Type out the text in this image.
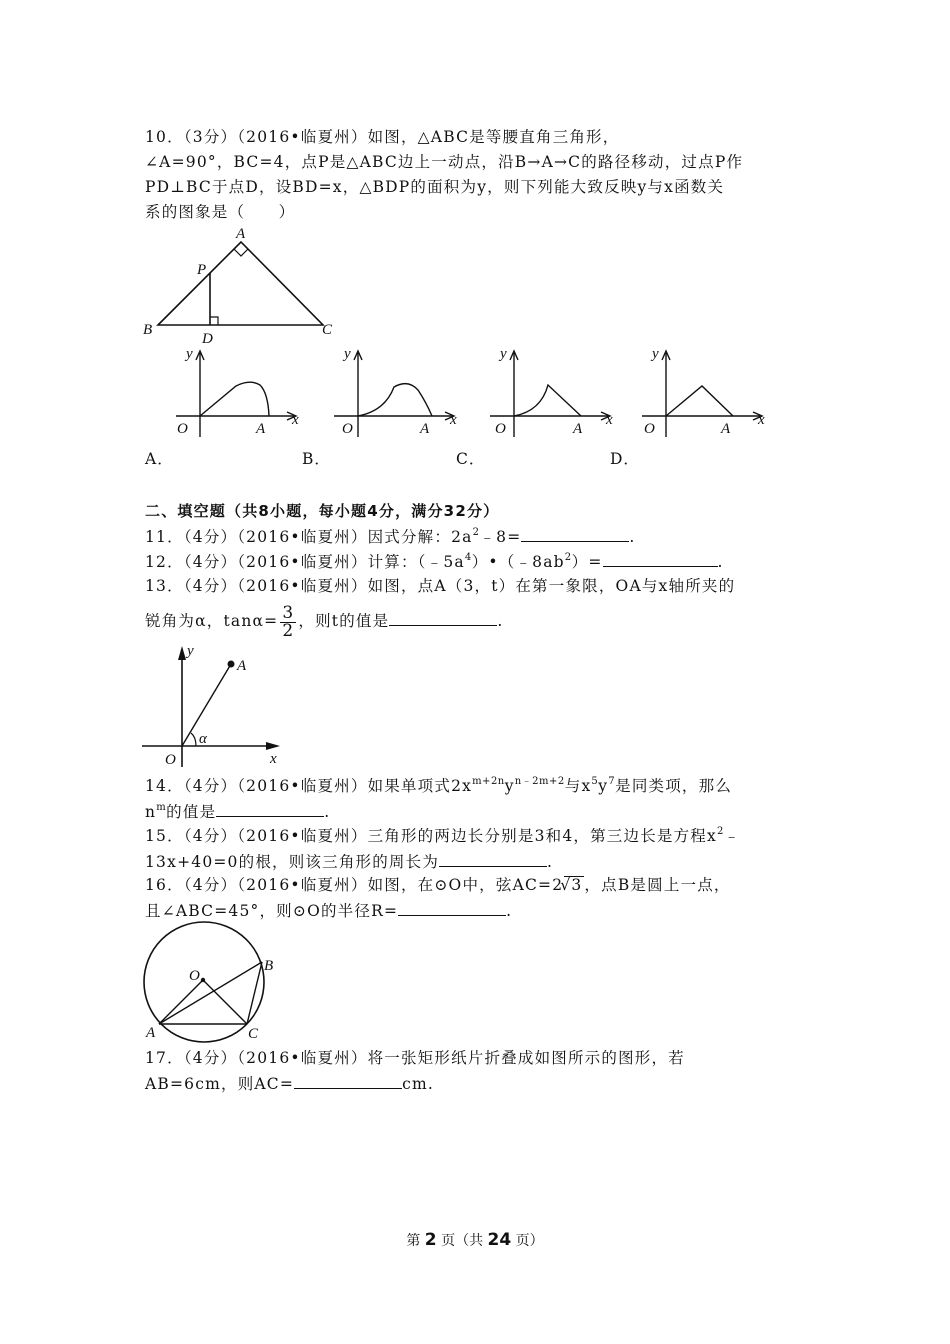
10．（3分）（2016•临夏州）如图，△ABC是等腰直角三角形，
∠A=90°，BC=4，点P是△ABC边上一动点，沿B→A→C的路径移动，过点P作
PD⊥BC于点D，设BD=x，△BDP的面积为y，则下列能大致反映y与x函数关
系的图象是（　　）
A
P
B
D
C
y
x
O	A
y
x
O	A
y
x
O	A
y
x
O	A
A．	B．	C．	D．
二、填空题（共8小题，每小题4分，满分32分）
11．（4分）（2016•临夏州）因式分解：$2a^2﹣8=$	.
12．（4分）（2016•临夏州）计算：$(﹣5a^4)•(﹣8ab^2)=$	.
13．（4分）（2016•临夏州）如图，点A（3，t）在第一象限，OA与x轴所夹的
锐角为α，$\tan\alpha= \frac{3}{2}$ ，则t的值是	.
y
A
O
α
x
14．（4分）（2016•临夏州）如果单项式$2x^{m+2n}y^{n﹣2m+2}$与$x^5y^7$是同类项，那么
$n^m$的值是	.
15．（4分）（2016•临夏州）三角形的两边长分别是3和4，第三边长是方程$x^2﹣$
13x+40=0的根，则该三角形的周长为	.
16．（4分）（2016•临夏州）如图，在⊙O中，弦AC=2√3 ，点B是圆上一点，
且∠ABC=45°，则⊙O的半径R=	.
O
B
A	C
17．（4分）（2016•临夏州）将一张矩形纸片折叠成如图所示的图形，若
AB=6cm，则AC=	cm.
第 2 页（共 24 页）
